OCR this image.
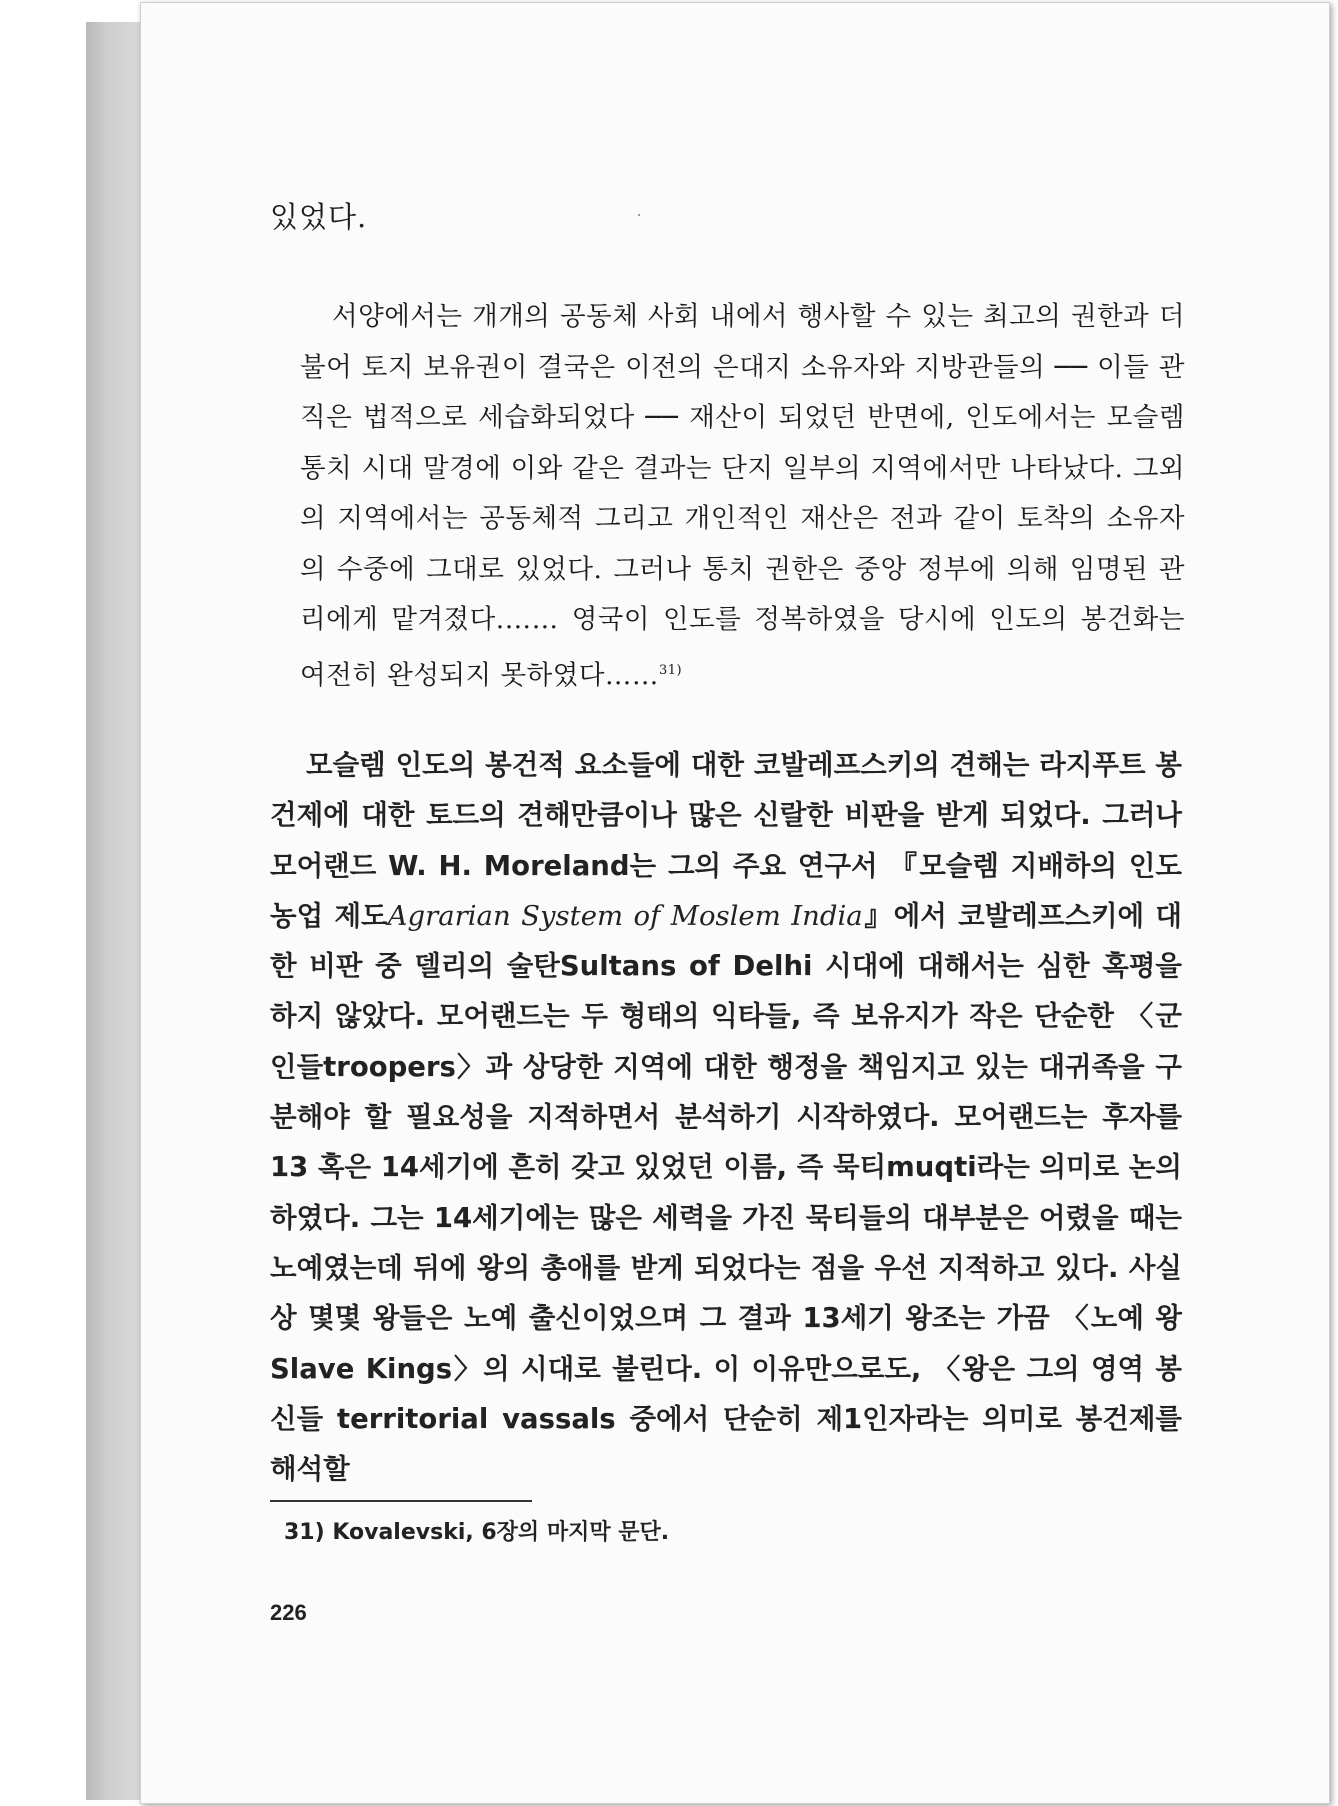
있었다.
서양에서는 개개의 공동체 사회 내에서 행사할 수 있는 최고의 권한과 더불어 토지 보유권이 결국은 이전의 은대지 소유자와 지방관들의 ── 이들 관직은 법적으로 세습화되었다 ── 재산이 되었던 반면에, 인도에서는 모슬렘 통치 시대 말경에 이와 같은 결과는 단지 일부의 지역에서만 나타났다. 그외의 지역에서는 공동체적 그리고 개인적인 재산은 전과 같이 토착의 소유자의 수중에 그대로 있었다. 그러나 통치 권한은 중앙 정부에 의해 임명된 관리에게 맡겨졌다.…… 영국이 인도를 정복하였을 당시에 인도의 봉건화는 여전히 완성되지 못하였다……$^{31)}$
모슬렘 인도의 봉건적 요소들에 대한 코발레프스키의 견해는 라지푸트 봉건제에 대한 토드의 견해만큼이나 많은 신랄한 비판을 받게 되었다. 그러나 모어랜드 W. H. Moreland는 그의 주요 연구서 『모슬렘 지배하의 인도 농업 제도Agrarian System of Moslem India』에서 코발레프스키에 대한 비판 중 델리의 술탄Sultans of Delhi 시대에 대해서는 심한 혹평을 하지 않았다. 모어랜드는 두 형태의 익타들, 즉 보유지가 작은 단순한 〈군인들troopers〉과 상당한 지역에 대한 행정을 책임지고 있는 대귀족을 구분해야 할 필요성을 지적하면서 분석하기 시작하였다. 모어랜드는 후자를 13 혹은 14세기에 흔히 갖고 있었던 이름, 즉 묵티muqti라는 의미로 논의하였다. 그는 14세기에는 많은 세력을 가진 묵티들의 대부분은 어렸을 때는 노예였는데 뒤에 왕의 총애를 받게 되었다는 점을 우선 지적하고 있다. 사실상 몇몇 왕들은 노예 출신이었으며 그 결과 13세기 왕조는 가끔 〈노예 왕Slave Kings〉의 시대로 불린다. 이 이유만으로도, 〈왕은 그의 영역 봉신들 territorial vassals 중에서 단순히 제1인자라는 의미로 봉건제를 해석할
31) Kovalevski, 6장의 마지막 문단.
226
